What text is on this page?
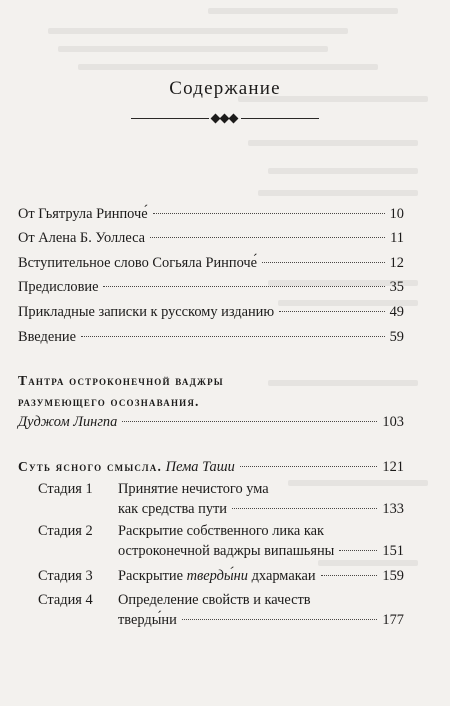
Содержание
От Гьятрула Ринпоче́	10
От Алена Б. Уоллеса	11
Вступительное слово Согьяла Ринпоче́	12
Предисловие	35
Прикладные записки к русскому изданию	49
Введение	59
Тантра остроконечной ваджры
разумеющего осознавания.
Дуджом Лингпа	103
Суть ясного смысла. Пема Таши	121
Стадия 1	Принятие нечистого ума
как средства пути	133
Стадия 2	Раскрытие собственного лика как
остроконечной ваджры випашьяны	151
Стадия 3	Раскрытие тверды́ни дхармакаи	159
Стадия 4	Определение свойств и качеств
тверды́ни	177
